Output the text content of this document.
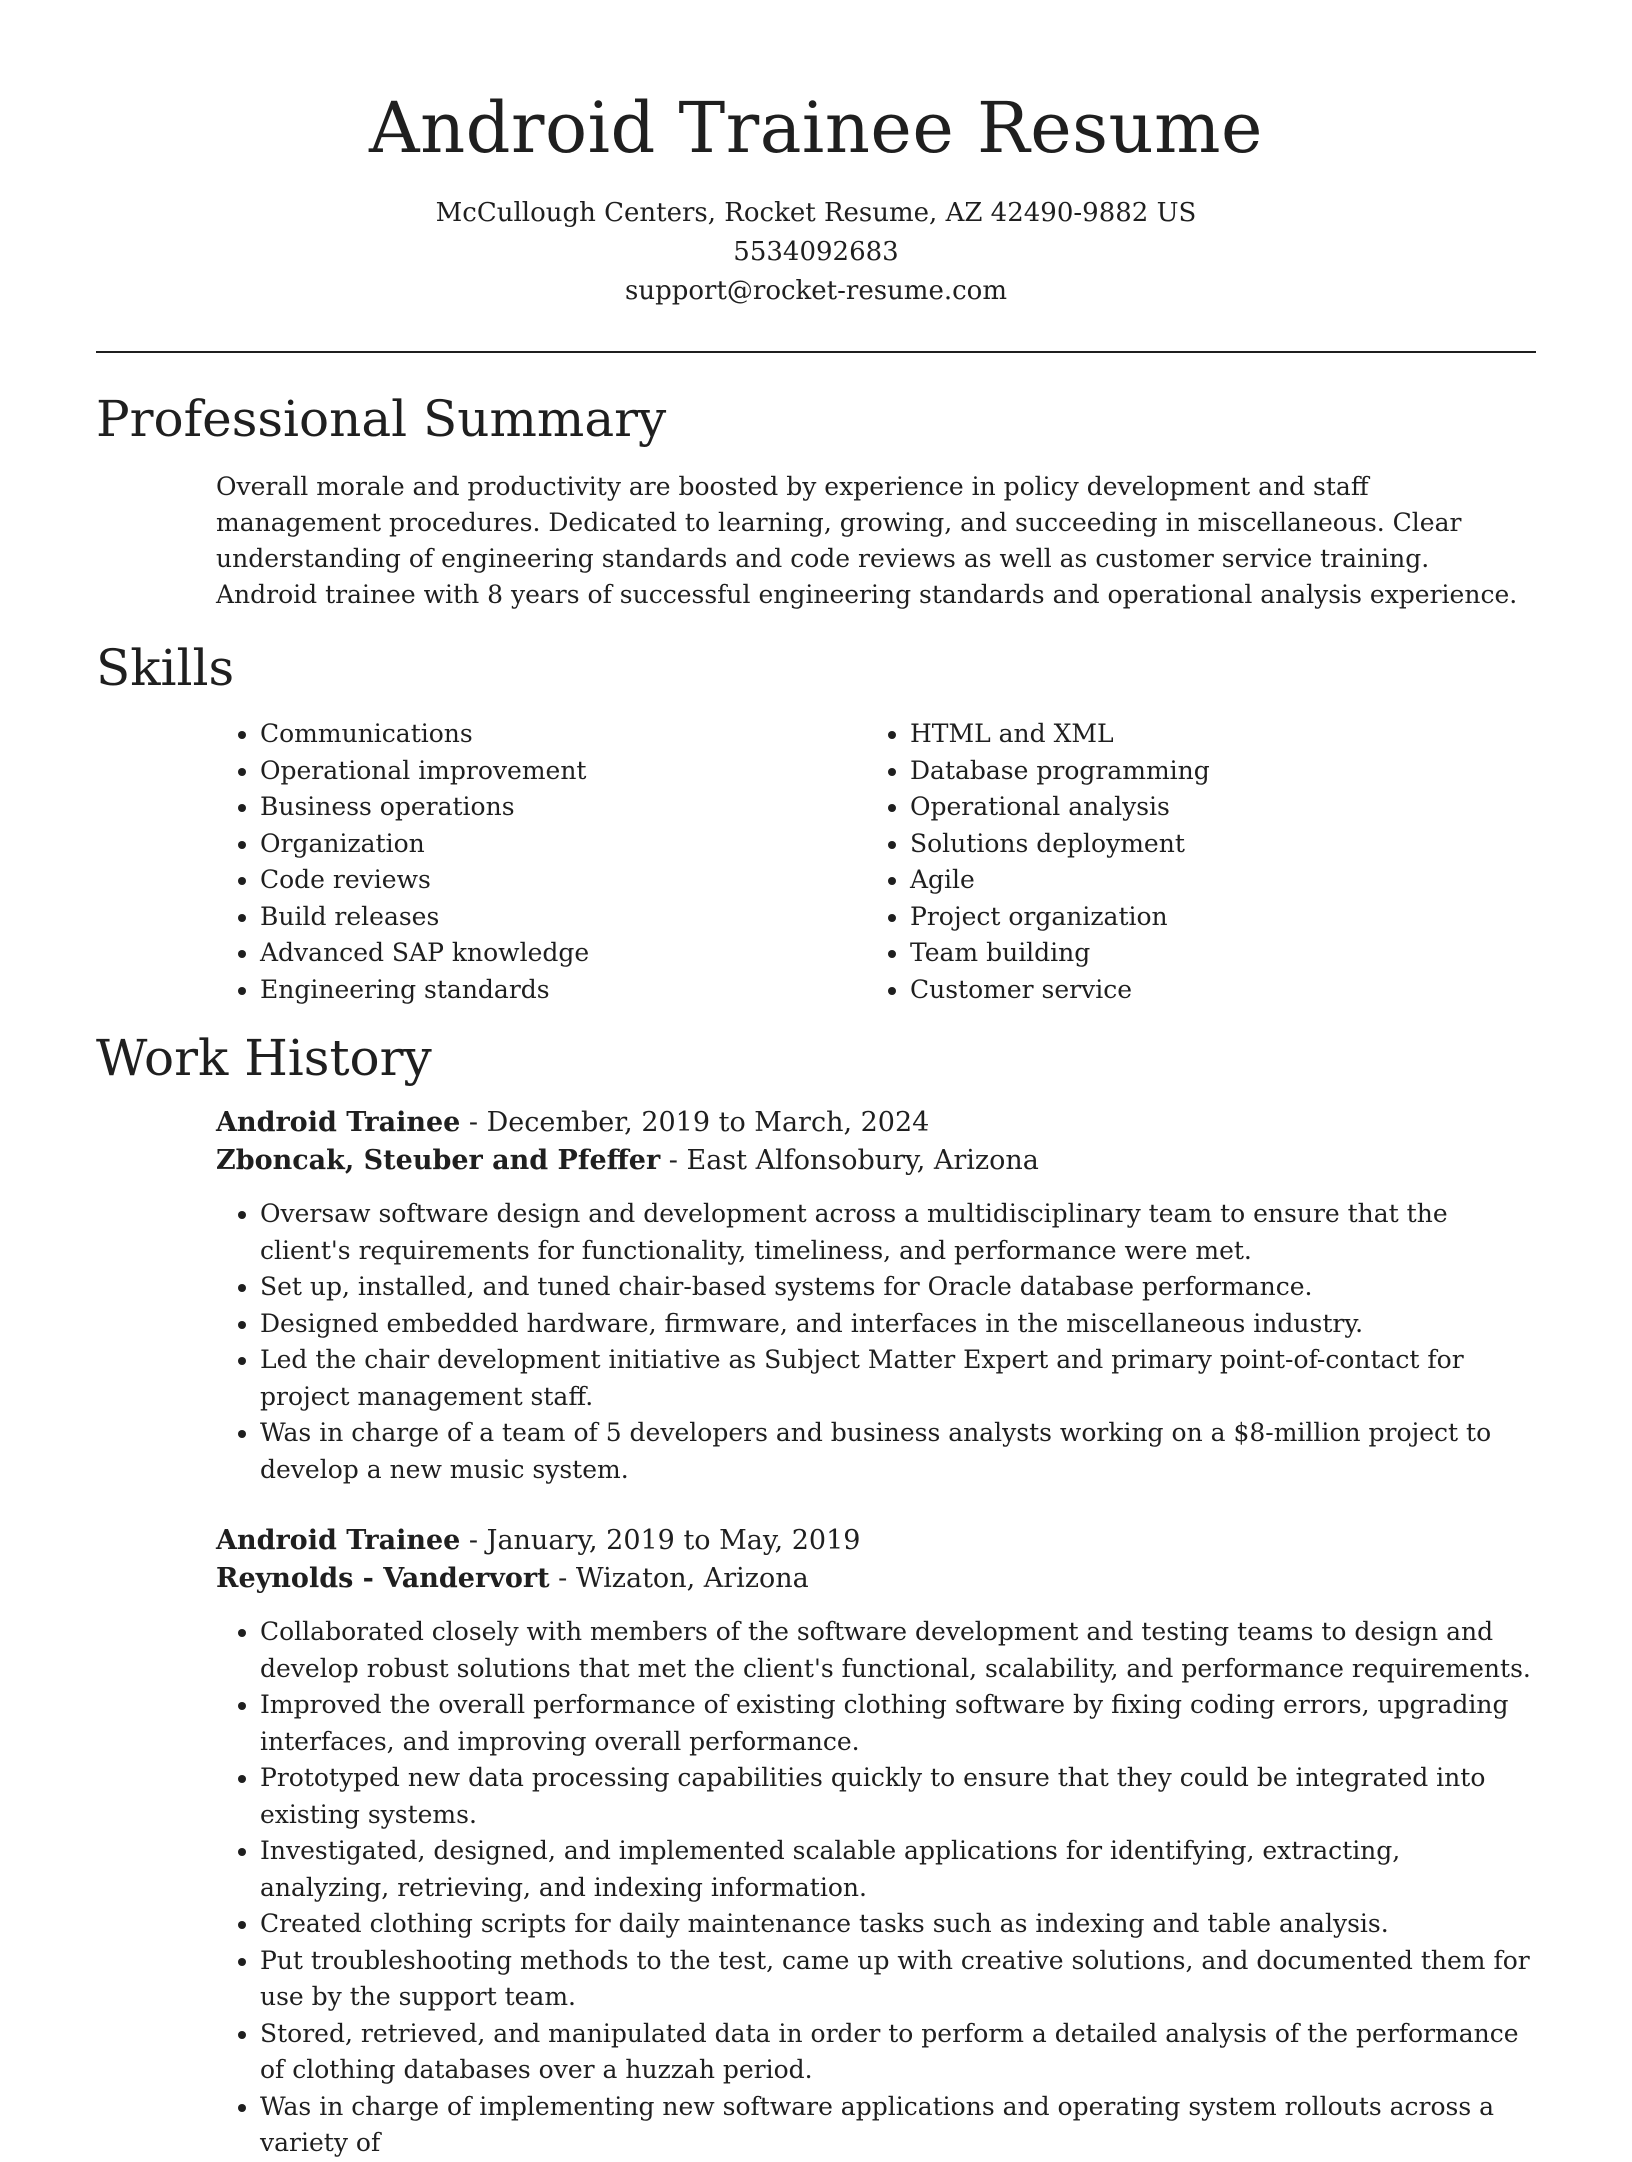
Android Trainee Resume
McCullough Centers, Rocket Resume, AZ 42490-9882 US
5534092683
support@rocket-resume.com
Professional Summary

Overall morale and productivity are boosted by experience in policy development and staff management procedures. Dedicated to learning, growing, and succeeding in miscellaneous. Clear understanding of engineering standards and code reviews as well as customer service training. Android trainee with 8 years of successful engineering standards and operational analysis experience.

Skills
• Communications
• Operational improvement
• Business operations
• Organization
• Code reviews
• Build releases
• Advanced SAP knowledge
• Engineering standards
• HTML and XML
• Database programming
• Operational analysis
• Solutions deployment
• Agile
• Project organization
• Team building
• Customer service
Work History
Android Trainee - December, 2019 to March, 2024
Zboncak, Steuber and Pfeffer - East Alfonsobury, Arizona
• Oversaw software design and development across a multidisciplinary team to ensure that the client's requirements for functionality, timeliness, and performance were met.
• Set up, installed, and tuned chair-based systems for Oracle database performance.
• Designed embedded hardware, firmware, and interfaces in the miscellaneous industry.
• Led the chair development initiative as Subject Matter Expert and primary point-of-contact for project management staff.
• Was in charge of a team of 5 developers and business analysts working on a $8-million project to develop a new music system.
Android Trainee - January, 2019 to May, 2019
Reynolds - Vandervort - Wizaton, Arizona
• Collaborated closely with members of the software development and testing teams to design and develop robust solutions that met the client's functional, scalability, and performance requirements.
• Improved the overall performance of existing clothing software by fixing coding errors, upgrading interfaces, and improving overall performance.
• Prototyped new data processing capabilities quickly to ensure that they could be integrated into existing systems.
• Investigated, designed, and implemented scalable applications for identifying, extracting, analyzing, retrieving, and indexing information.
• Created clothing scripts for daily maintenance tasks such as indexing and table analysis.
• Put troubleshooting methods to the test, came up with creative solutions, and documented them for use by the support team.
• Stored, retrieved, and manipulated data in order to perform a detailed analysis of the performance of clothing databases over a huzzah period.
• Was in charge of implementing new software applications and operating system rollouts across a variety of
